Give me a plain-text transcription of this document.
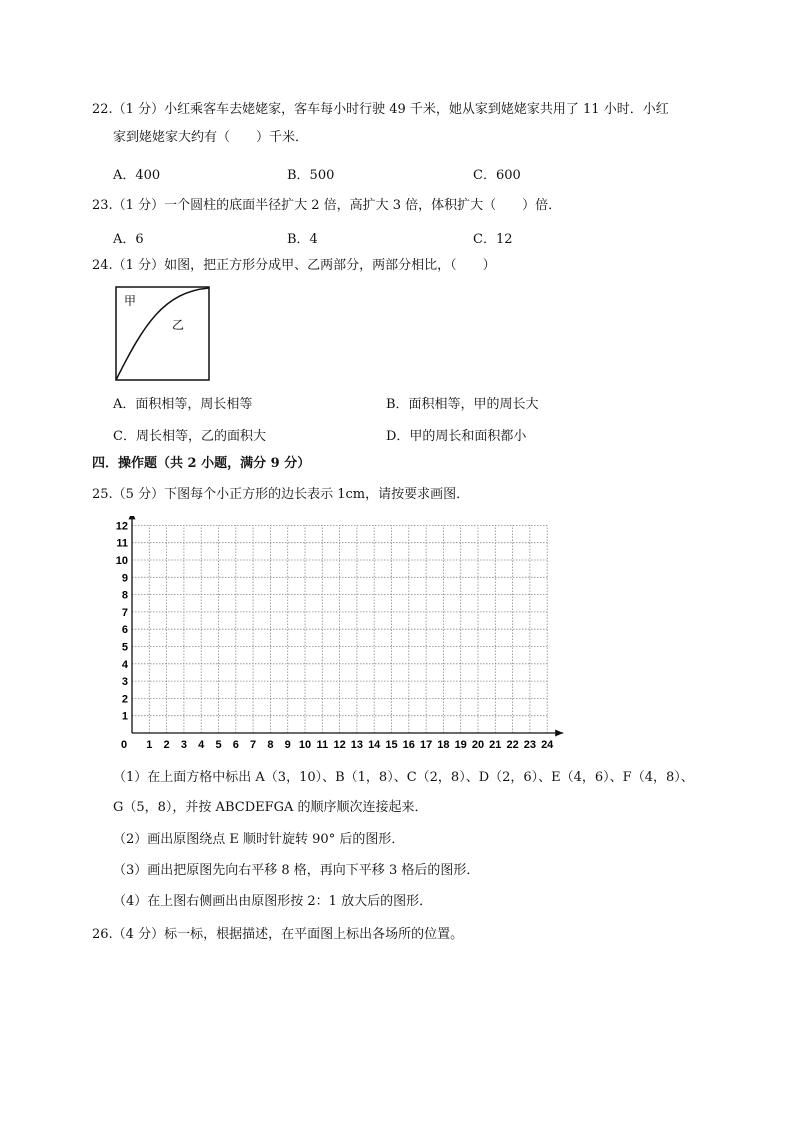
22.（1 分）小红乘客车去姥姥家，客车每小时行驶 49 千米，她从家到姥姥家共用了 11 小时．小红
家到姥姥家大约有（　　）千米．
A．400	B．500	C．600
23.（1 分）一个圆柱的底面半径扩大 2 倍，高扩大 3 倍，体积扩大（　　）倍．
A．6	B．4	C．12
24.（1 分）如图，把正方形分成甲、乙两部分，两部分相比，（　　）
甲
乙
A．面积相等，周长相等	B．面积相等，甲的周长大
C．周长相等，乙的面积大	D．甲的周长和面积都小
四．操作题（共 2 小题，满分 9 分）
25.（5 分）下图每个小正方形的边长表示 1cm，请按要求画图．
0 1 2 3 4 5 6 7 8 9 10 11 12 13 14 15 16 17 18 19 20 21 22 23 24
1
2
3
4
5
6
7
8
9
10
11
12
（1）在上面方格中标出 A（3，10）、B（1，8）、C（2，8）、D（2，6）、E（4，6）、F（4，8）、
G（5，8），并按 ABCDEFGA 的顺序顺次连接起来．
（2）画出原图绕点 E 顺时针旋转 90° 后的图形．
（3）画出把原图先向右平移 8 格，再向下平移 3 格后的图形．
（4）在上图右侧画出由原图形按 2：1 放大后的图形．
26.（4 分）标一标，根据描述，在平面图上标出各场所的位置。
